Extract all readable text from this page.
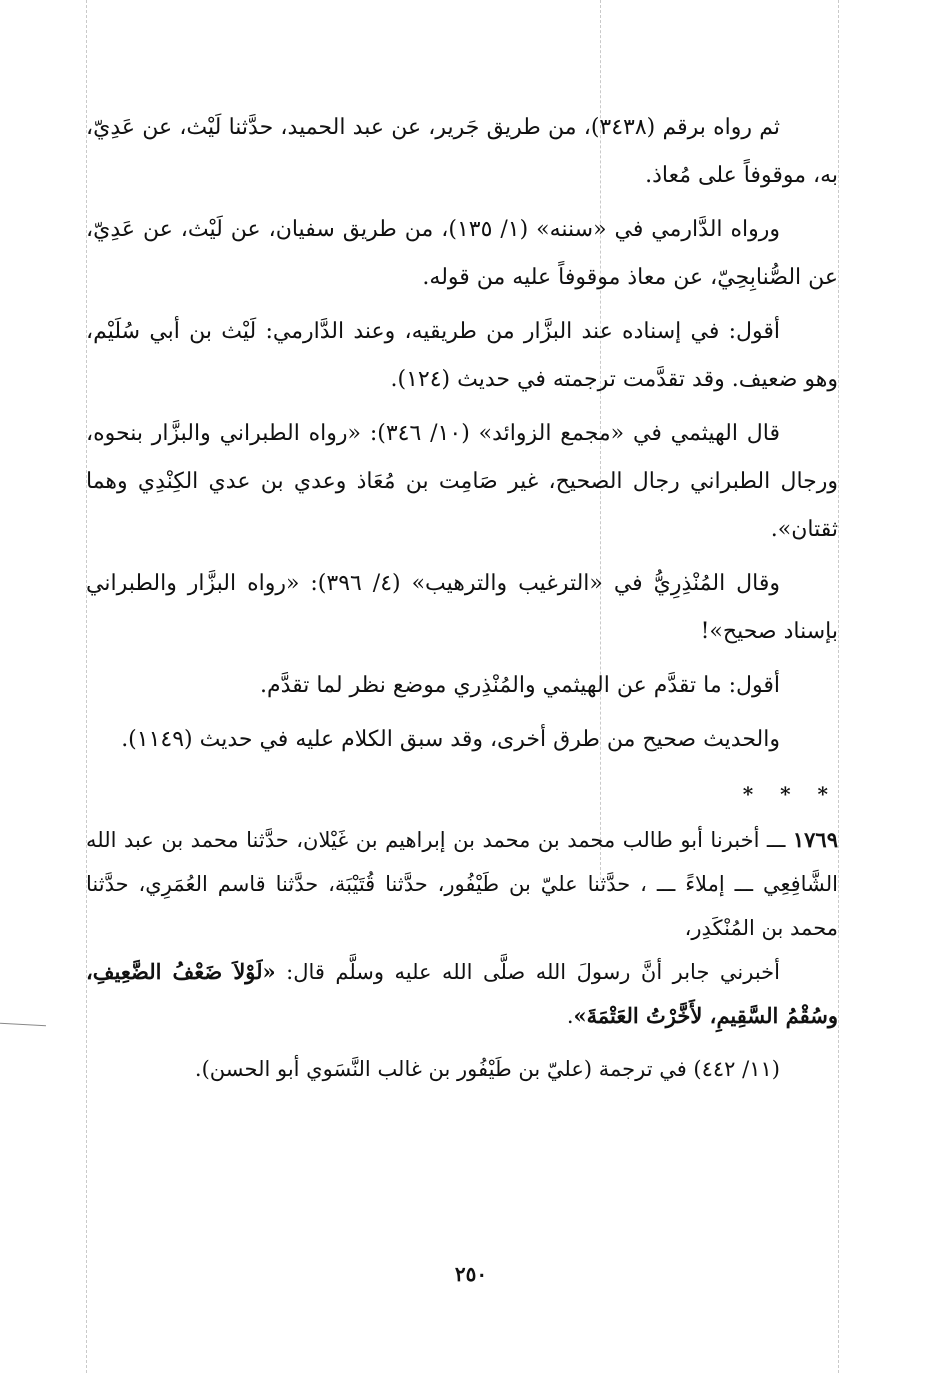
ثم رواه برقم (٣٤٣٨)، من طريق جَرير، عن عبد الحميد، حدَّثنا لَيْث، عن عَدِيّ، به، موقوفاً على مُعاذ.

ورواه الدَّارمي في «سننه» (١/ ١٣٥)، من طريق سفيان، عن لَيْث، عن عَدِيّ، عن الصُّنابِحِيّ، عن معاذ موقوفاً عليه من قوله.

أقول: في إسناده عند البزَّار من طريقيه، وعند الدَّارمي: لَيْث بن أبي سُلَيْم، وهو ضعيف. وقد تقدَّمت ترجمته في حديث (١٢٤).

قال الهيثمي في «مجمع الزوائد» (١٠/ ٣٤٦): «رواه الطبراني والبزَّار بنحوه، ورجال الطبراني رجال الصحيح، غير صَامِت بن مُعَاذ وعدي بن عدي الكِنْدِي وهما ثقتان».

وقال المُنْذِرِيُّ في «الترغيب والترهيب» (٤/ ٣٩٦): «رواه البزَّار والطبراني بإسناد صحيح»!

أقول: ما تقدَّم عن الهيثمي والمُنْذِري موضع نظر لما تقدَّم.

والحديث صحيح من طرق أخرى، وقد سبق الكلام عليه في حديث (١١٤٩).

* * *

١٧٦٩ ـــ أخبرنا أبو طالب محمد بن محمد بن إبراهيم بن غَيْلان، حدَّثنا محمد بن عبد الله الشَّافِعِي ـــ إملاءً ـــ ، حدَّثنا عليّ بن طَيْفُور، حدَّثنا قُتَيْبَة، حدَّثنا قاسم العُمَرِي، حدَّثنا محمد بن المُنْكَدِر،

أخبرني جابر أنَّ رسولَ الله صلَّى الله عليه وسلَّم قال: «لَوْلاَ ضَعْفُ الضَّعِيفِ، وسُقْمُ السَّقِيمِ، لأَخَّرْتُ العَتْمَةَ».

(١١/ ٤٤٢) في ترجمة (عليّ بن طَيْفُور بن غالب النَّسَوي أبو الحسن).

٢٥٠
